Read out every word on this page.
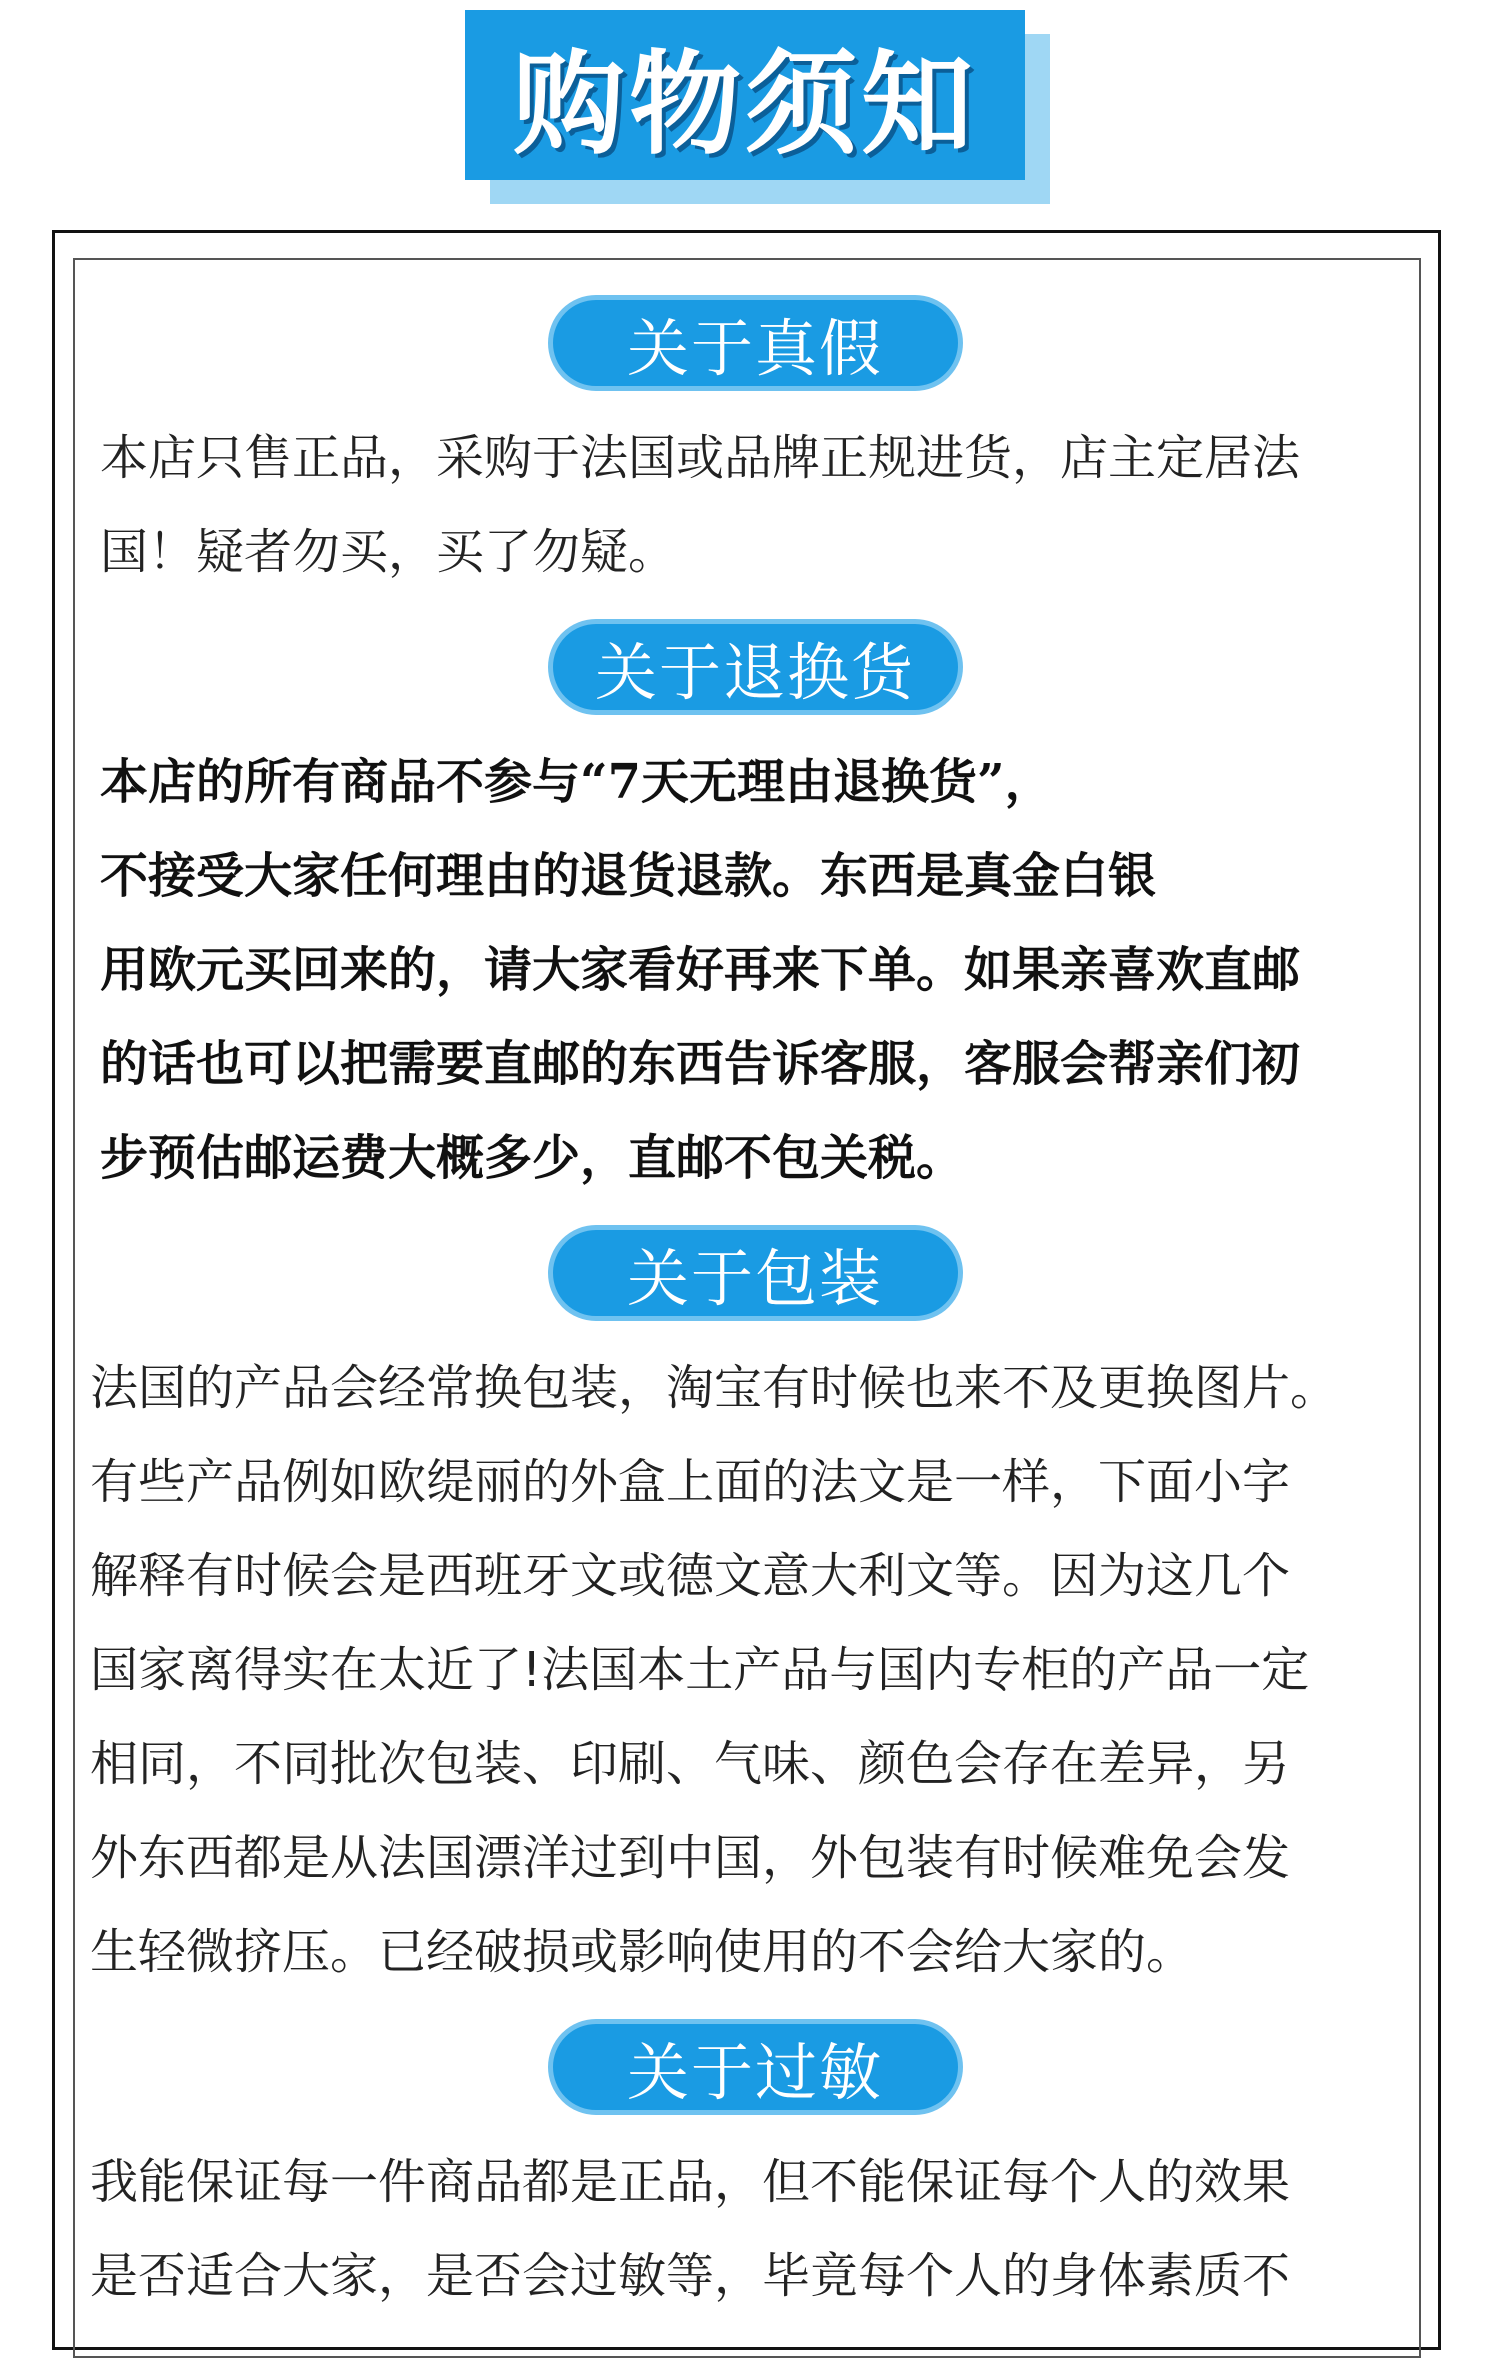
购物须知
关于真假

本店只售正品，采购于法国或品牌正规进货，店主定居法

国！疑者勿买，买了勿疑。

关于退换货

本店的所有商品不参与“7天无理由退换货”，

不接受大家任何理由的退货退款。东西是真金白银

用欧元买回来的，请大家看好再来下单。如果亲喜欢直邮

的话也可以把需要直邮的东西告诉客服，客服会帮亲们初

步预估邮运费大概多少，直邮不包关税。

关于包装

法国的产品会经常换包装，淘宝有时候也来不及更换图片。

有些产品例如欧缇丽的外盒上面的法文是一样，下面小字

解释有时候会是西班牙文或德文意大利文等。因为这几个

国家离得实在太近了!法国本土产品与国内专柜的产品一定

相同，不同批次包装、印刷、气味、颜色会存在差异，另

外东西都是从法国漂洋过到中国，外包装有时候难免会发

生轻微挤压。已经破损或影响使用的不会给大家的。

关于过敏

我能保证每一件商品都是正品，但不能保证每个人的效果

是否适合大家，是否会过敏等，毕竟每个人的身体素质不
